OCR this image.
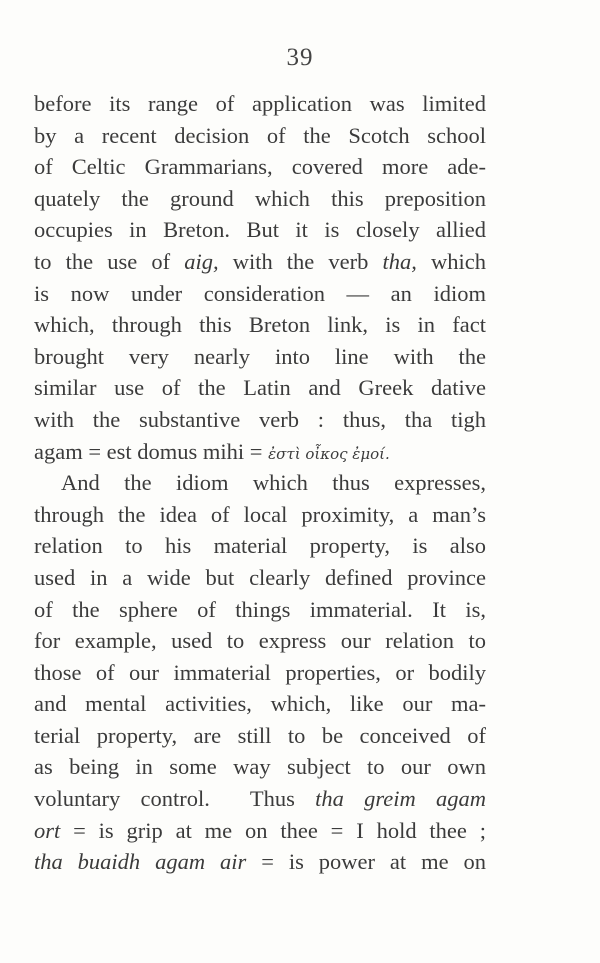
39
before its range of application was limited
by a recent decision of the Scotch school
of Celtic Grammarians, covered more ade-
quately the ground which this preposition
occupies in Breton. But it is closely allied
to the use of aig, with the verb tha, which
is now under consideration — an idiom
which, through this Breton link, is in fact
brought very nearly into line with the
similar use of the Latin and Greek dative
with the substantive verb : thus, tha tigh
agam = est domus mihi = ἐστὶ οἶκος ἐμοί.
And the idiom which thus expresses,
through the idea of local proximity, a man’s
relation to his material property, is also
used in a wide but clearly defined province
of the sphere of things immaterial. It is,
for example, used to express our relation to
those of our immaterial properties, or bodily
and mental activities, which, like our ma-
terial property, are still to be conceived of
as being in some way subject to our own
voluntary control.  Thus tha greim agam
ort = is grip at me on thee = I hold thee ;
tha buaidh agam air = is power at me on
